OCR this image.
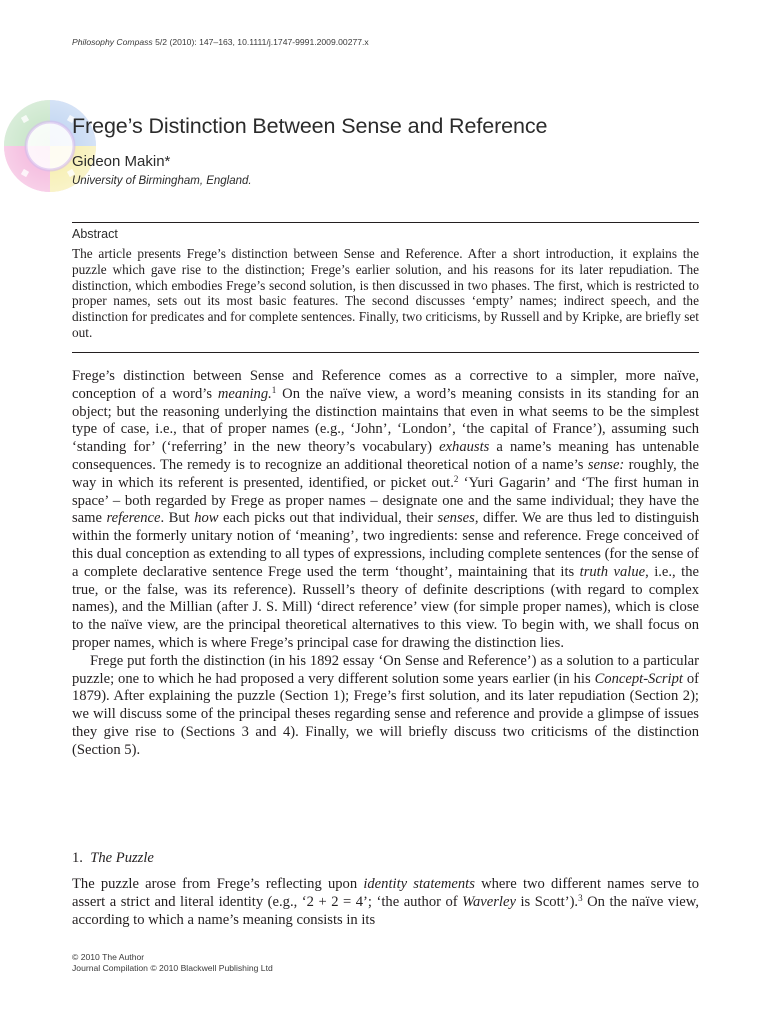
Philosophy Compass 5/2 (2010): 147–163, 10.1111/j.1747-9991.2009.00277.x
Frege’s Distinction Between Sense and Reference
Gideon Makin*
University of Birmingham, England.
Abstract

The article presents Frege’s distinction between Sense and Reference. After a short introduction, it explains the puzzle which gave rise to the distinction; Frege’s earlier solution, and his reasons for its later repudiation. The distinction, which embodies Frege’s second solution, is then discussed in two phases. The first, which is restricted to proper names, sets out its most basic features. The second discusses ‘empty’ names; indirect speech, and the distinction for predicates and for complete sentences. Finally, two criticisms, by Russell and by Kripke, are briefly set out.

Frege’s distinction between Sense and Reference comes as a corrective to a simpler, more naïve, conception of a word’s meaning.$^1$ On the naïve view, a word’s meaning consists in its standing for an object; but the reasoning underlying the distinction maintains that even in what seems to be the simplest type of case, i.e., that of proper names (e.g., ‘John’, ‘London’, ‘the capital of France’), assuming such ‘standing for’ (‘referring’ in the new theory’s vocabulary) exhausts a name’s meaning has untenable consequences. The remedy is to recognize an additional theoretical notion of a name’s sense: roughly, the way in which its referent is presented, identified, or picket out.$^2$ ‘Yuri Gagarin’ and ‘The first human in space’ – both regarded by Frege as proper names – designate one and the same individual; they have the same reference. But how each picks out that individual, their senses, differ. We are thus led to distinguish within the formerly unitary notion of ‘meaning’, two ingredients: sense and reference. Frege conceived of this dual conception as extending to all types of expressions, including complete sentences (for the sense of a complete declarative sentence Frege used the term ‘thought’, maintaining that its truth value, i.e., the true, or the false, was its reference). Russell’s theory of definite descriptions (with regard to complex names), and the Millian (after J. S. Mill) ‘direct reference’ view (for simple proper names), which is close to the naïve view, are the principal theoretical alternatives to this view. To begin with, we shall focus on proper names, which is where Frege’s principal case for drawing the distinction lies.

Frege put forth the distinction (in his 1892 essay ‘On Sense and Reference’) as a solution to a particular puzzle; one to which he had proposed a very different solution some years earlier (in his Concept-Script of 1879). After explaining the puzzle (Section 1); Frege’s first solution, and its later repudiation (Section 2); we will discuss some of the principal theses regarding sense and reference and provide a glimpse of issues they give rise to (Sections 3 and 4). Finally, we will briefly discuss two criticisms of the distinction (Section 5).

1. The Puzzle

The puzzle arose from Frege’s reflecting upon identity statements where two different names serve to assert a strict and literal identity (e.g., ‘2 + 2 = 4’; ‘the author of Waverley is Scott’).$^3$ On the naïve view, according to which a name’s meaning consists in its

© 2010 The Author
Journal Compilation © 2010 Blackwell Publishing Ltd
